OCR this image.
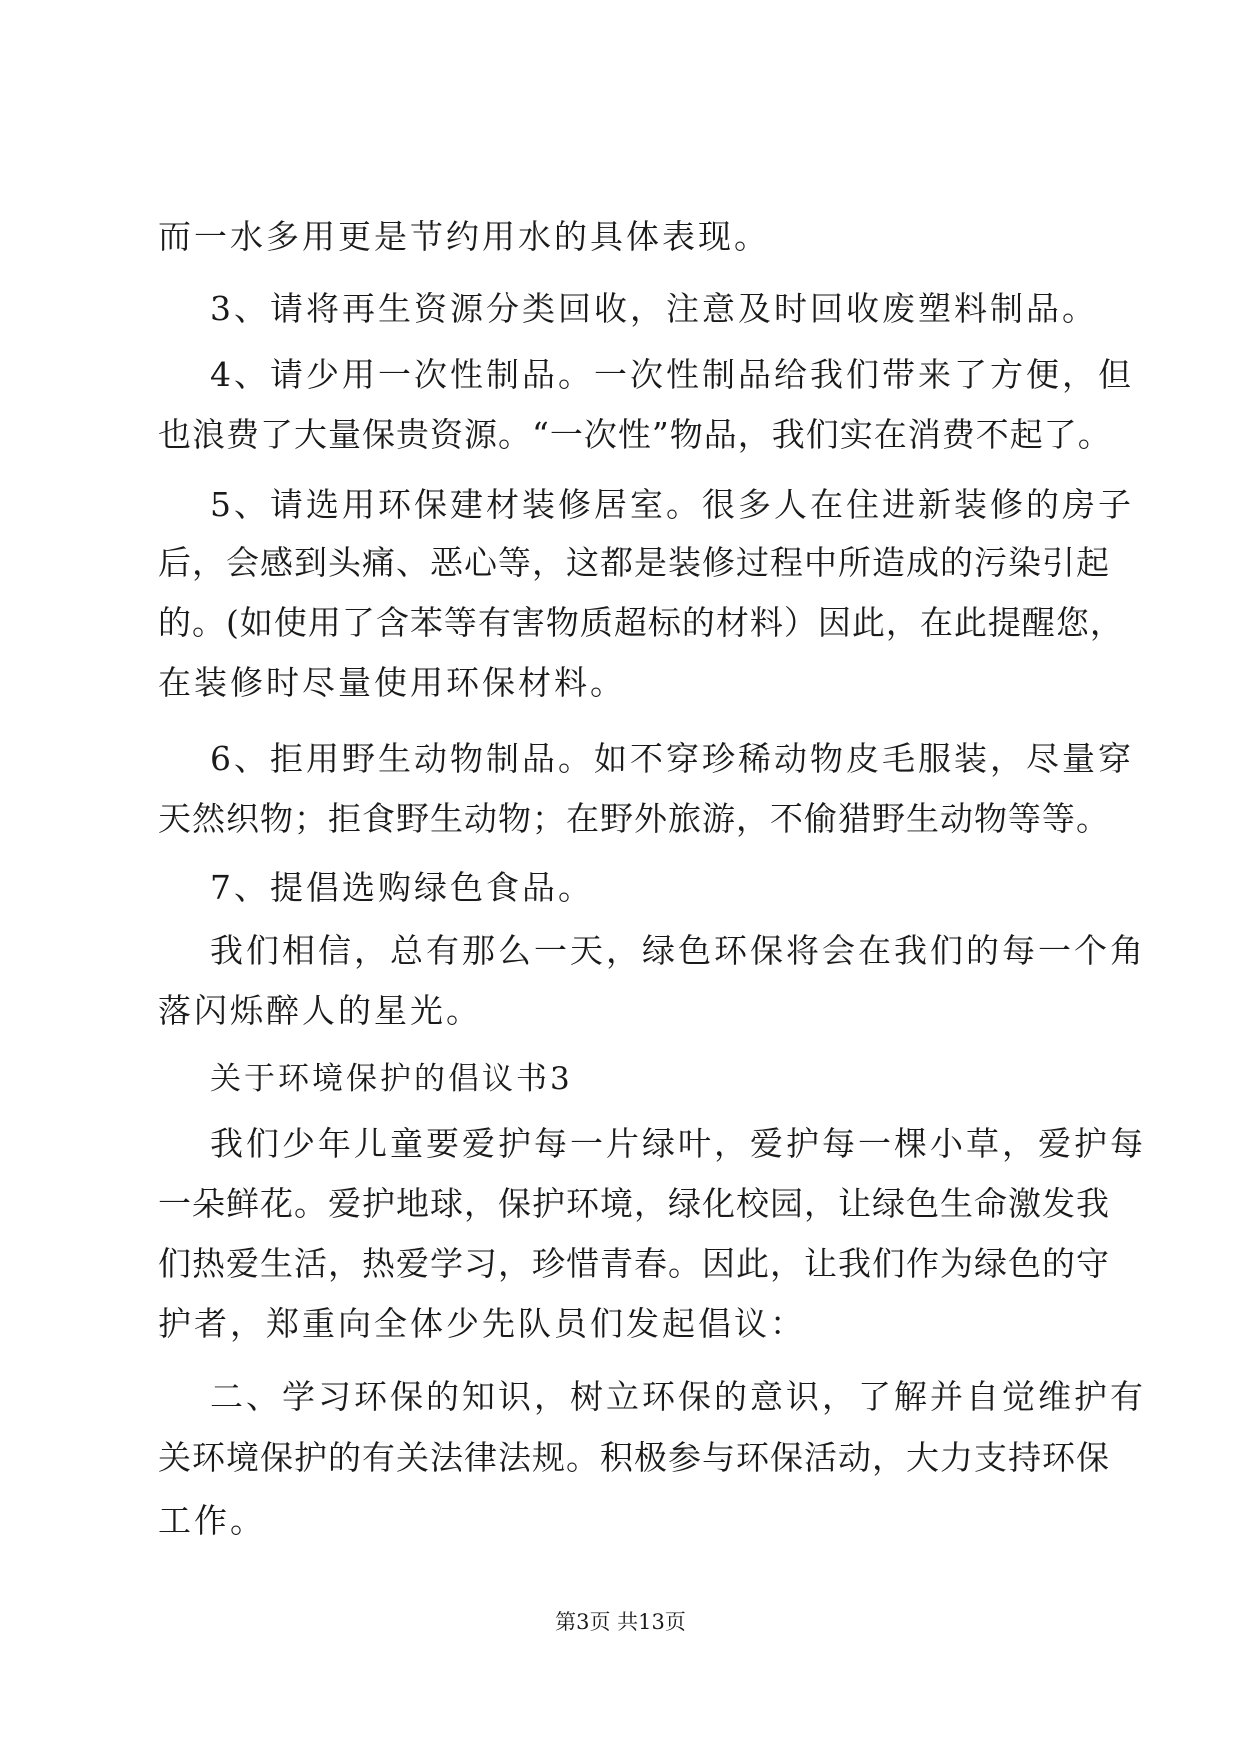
而一水多用更是节约用水的具体表现。
3、请将再生资源分类回收，注意及时回收废塑料制品。
4、请少用一次性制品。一次性制品给我们带来了方便，但
也浪费了大量保贵资源。“一次性”物品，我们实在消费不起了。
5、请选用环保建材装修居室。很多人在住进新装修的房子
后，会感到头痛、恶心等，这都是装修过程中所造成的污染引起
的。(如使用了含苯等有害物质超标的材料）因此，在此提醒您，
在装修时尽量使用环保材料。
6、拒用野生动物制品。如不穿珍稀动物皮毛服装，尽量穿
天然织物；拒食野生动物；在野外旅游，不偷猎野生动物等等。
7、提倡选购绿色食品。
我们相信，总有那么一天，绿色环保将会在我们的每一个角
落闪烁醉人的星光。
关于环境保护的倡议书3
我们少年儿童要爱护每一片绿叶，爱护每一棵小草，爱护每
一朵鲜花。爱护地球，保护环境，绿化校园，让绿色生命激发我
们热爱生活，热爱学习，珍惜青春。因此，让我们作为绿色的守
护者，郑重向全体少先队员们发起倡议：
二、学习环保的知识，树立环保的意识，了解并自觉维护有
关环境保护的有关法律法规。积极参与环保活动，大力支持环保
工作。
第3页 共13页
